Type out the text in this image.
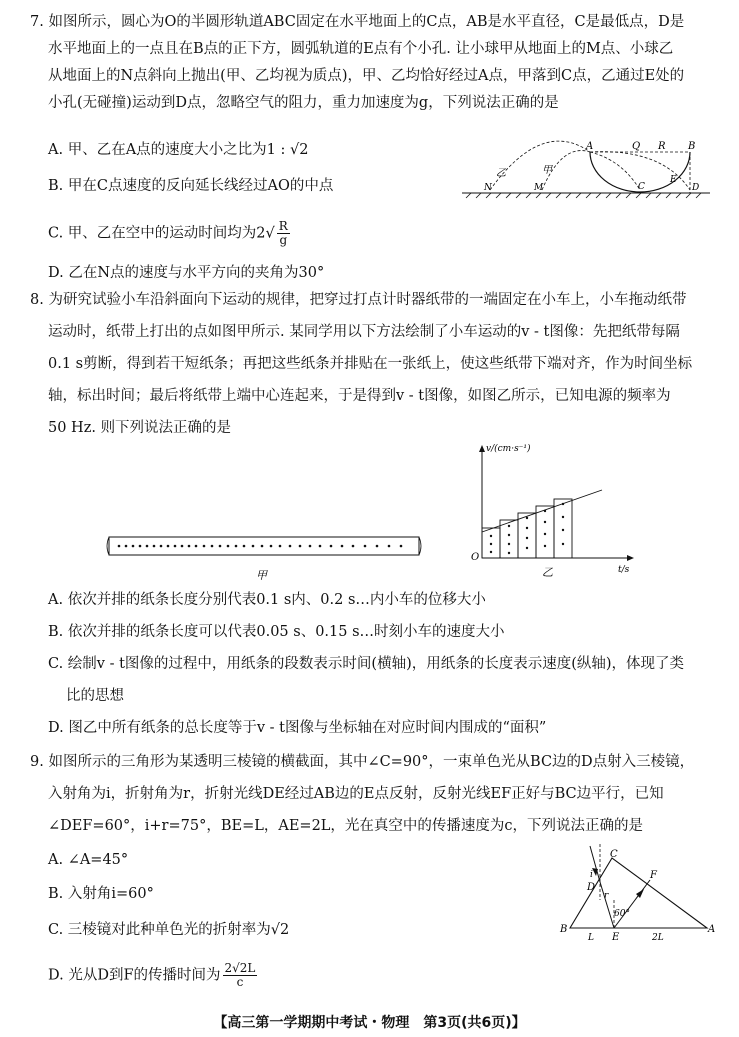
7. 如图所示，圆心为O的半圆形轨道ABC固定在水平地面上的C点，AB是水平直径，C是最低点，D是
水平地面上的一点且在B点的正下方，圆弧轨道的E点有个小孔. 让小球甲从地面上的M点、小球乙
从地面上的N点斜向上抛出(甲、乙均视为质点)，甲、乙均恰好经过A点，甲落到C点，乙通过E处的
小孔(无碰撞)运动到D点，忽略空气的阻力，重力加速度为g，下列说法正确的是
A. 甲、乙在A点的速度大小之比为1 : √2
B. 甲在C点速度的反向延长线经过AO的中点
C. 甲、乙在空中的运动时间均为$2√ \frac{R}{g}$
D. 乙在N点的速度与水平方向的夹角为30°
A	Q R B
乙	甲
N	M	C
E
D
8. 为研究试验小车沿斜面向下运动的规律，把穿过打点计时器纸带的一端固定在小车上，小车拖动纸带
运动时，纸带上打出的点如图甲所示. 某同学用以下方法绘制了小车运动的v - t图像：先把纸带每隔
0.1 s剪断，得到若干短纸条；再把这些纸条并排贴在一张纸上，使这些纸带下端对齐，作为时间坐标
轴，标出时间；最后将纸带上端中心连起来，于是得到v - t图像，如图乙所示，已知电源的频率为
50 Hz. 则下列说法正确的是
甲
v/(cm·s⁻¹)
t/s
O
乙
A. 依次并排的纸条长度分别代表0.1 s内、0.2 s…内小车的位移大小
B. 依次并排的纸条长度可以代表0.05 s、0.15 s…时刻小车的速度大小
C. 绘制v - t图像的过程中，用纸条的段数表示时间(横轴)，用纸条的长度表示速度(纵轴)，体现了类
比的思想
D. 图乙中所有纸条的总长度等于v - t图像与坐标轴在对应时间内围成的“面积”
9. 如图所示的三角形为某透明三棱镜的横截面，其中∠C=90°，一束单色光从BC边的D点射入三棱镜，
入射角为i，折射角为r，折射光线DE经过AB边的E点反射，反射光线EF正好与BC边平行，已知
∠DEF=60°，i+r=75°，BE=L，AE=2L，光在真空中的传播速度为c，下列说法正确的是
A. ∠A=45°
B. 入射角i=60°
C. 三棱镜对此种单色光的折射率为√2
D. 光从D到F的传播时间为 $\frac{2√2L}{c}$
C
i
D
r
F
60°
B
E
A
L	2L
【高三第一学期期中考试・物理　第3页(共6页)】
